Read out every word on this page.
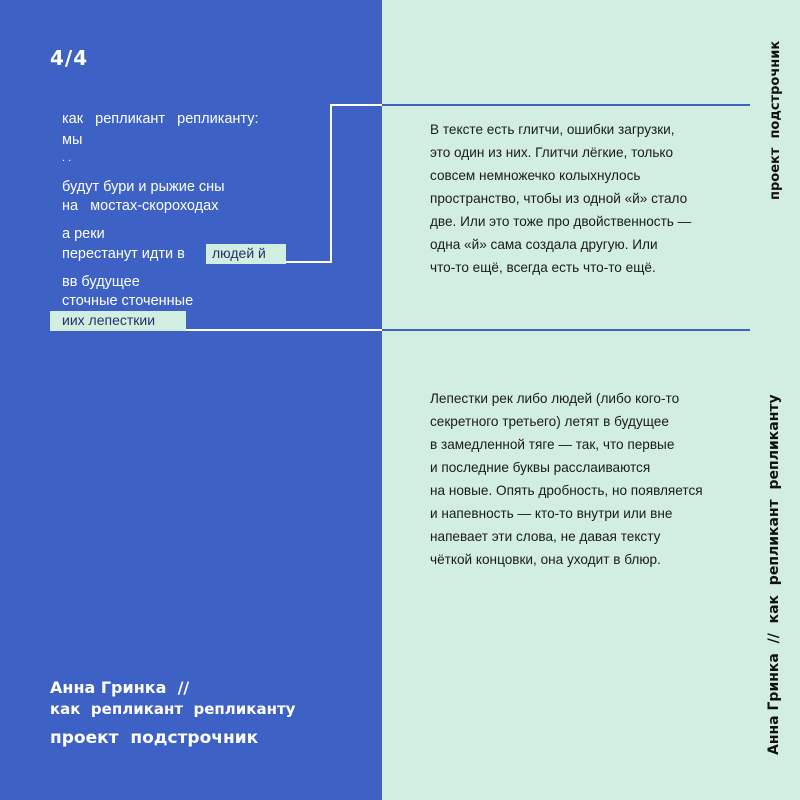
4/4
как   репликант   репликанту:
мы
. .
будут бури и рыжие сны
на   мостах-скороходах
а реки
перестанут идти в	людей й
вв будущее
сточные сточенные
иих лепесткии
В тексте есть глитчи, ошибки загрузки,
это один из них. Глитчи лёгкие, только
совсем немножечко колыхнулось
пространство, чтобы из одной «й» стало
две. Или это тоже про двойственность —
одна «й» сама создала другую. Или
что-то ещё, всегда есть что-то ещё.
Лепестки рек либо людей (либо кого-то
секретного третьего) летят в будущее
в замедленной тяге — так, что первые
и последние буквы расслаиваются
на новые. Опять дробность, но появляется
и напевность — кто-то внутри или вне
напевает эти слова, не давая тексту
чёткой концовки, она уходит в блюр.
Анна Гринка  //
как  репликант  репликанту
проект  подстрочник
проект  подстрочник
Анна Гринка  //  как  репликант  репликанту
